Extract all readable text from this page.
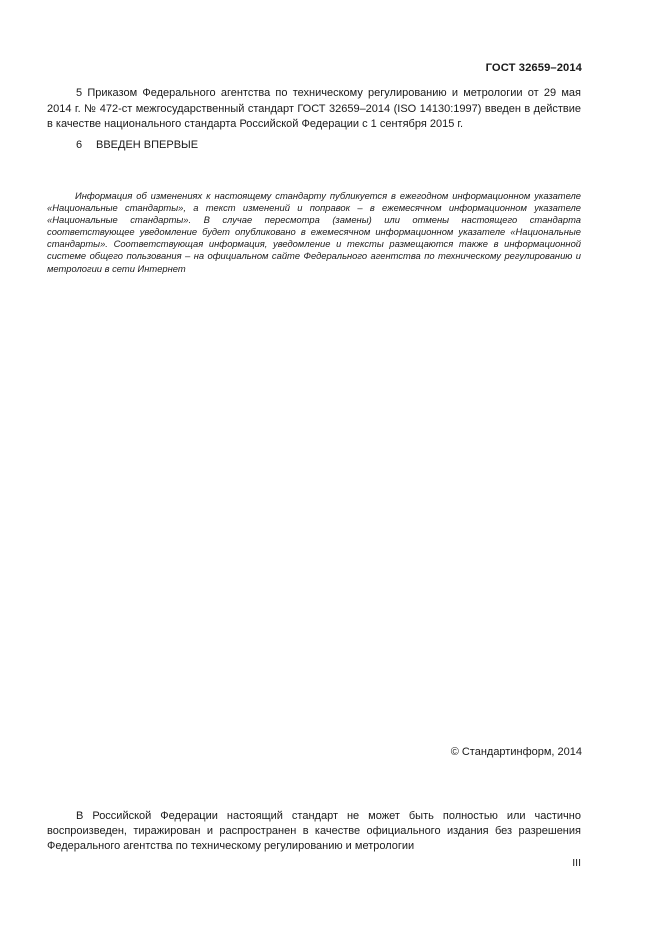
ГОСТ 32659–2014

5 Приказом Федерального агентства по техническому регулированию и метрологии от 29 мая 2014 г. № 472-ст межгосударственный стандарт ГОСТ 32659–2014 (ISO 14130:1997) введен в действие в качестве национального стандарта Российской Федерации с 1 сентября 2015 г.

6 ВВЕДЕН ВПЕРВЫЕ

Информация об изменениях к настоящему стандарту публикуется в ежегодном информационном указателе «Национальные стандарты», а текст изменений и поправок – в ежемесячном информационном указателе «Национальные стандарты». В случае пересмотра (замены) или отмены настоящего стандарта соответствующее уведомление будет опубликовано в ежемесячном информационном указателе «Национальные стандарты». Соответствующая информация, уведомление и тексты размещаются также в информационной системе общего пользования – на официальном сайте Федерального агентства по техническому регулированию и метрологии в сети Интернет

© Стандартинформ, 2014

В Российской Федерации настоящий стандарт не может быть полностью или частично воспроизведен, тиражирован и распространен в качестве официального издания без разрешения Федерального агентства по техническому регулированию и метрологии

III
